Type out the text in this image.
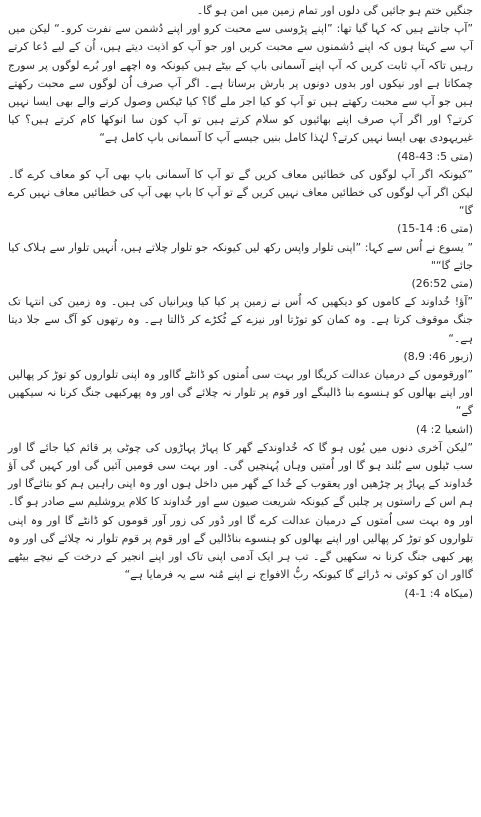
جنگیں ختم ہو جائیں گی دلوں اور تمام زمین میں امن ہو گا۔

”آپ جانتے ہیں کہ کہا گیا تھا: ”اپنے پڑوسی سے محبت کرو اور اپنے دُشمن سے نفرت کرو۔“ لیکن میں آپ سے کہتا ہوں کہ اپنے دُشمنوں سے محبت کریں اور جو آپ کو اذیت دیتے ہیں، اُن کے لیے دُعا کرتے رہیں تاکہ آپ ثابت کریں کہ آپ اپنے آسمانی باپ کے بیٹے ہیں کیونکہ وہ اچھے اور بُرے لوگوں پر سورج چمکاتا ہے اور نیکوں اور بدوں دونوں پر بارش برساتا ہے۔ اگر آپ صرف اُن لوگوں سے محبت رکھتے ہیں جو آپ سے محبت رکھتے ہیں تو آپ کو کیا اجر ملے گا؟ کیا ٹیکس وصول کرنے والے بھی ایسا نہیں کرتے؟ اور اگر آپ صرف اپنے بھائیوں کو سلام کرتے ہیں تو آپ کون سا انوکھا کام کرتے ہیں؟ کیا غیریہودی بھی ایسا نہیں کرتے؟ لہٰذا کامل بنیں جیسے آپ کا آسمانی باپ کامل ہے“

(متی 5: 43-48)

”کیونکہ اگر آپ لوگوں کی خطائیں معاف کریں گے تو آپ کا آسمانی باپ بھی آپ کو معاف کرے گا۔ لیکن اگر آپ لوگوں کی خطائیں معاف نہیں کریں گے تو آپ کا باپ بھی آپ کی خطائیں معاف نہیں کرے گا“

(متی 6: 14-15)

” یسوع نے اُس سے کہا: ”اپنی تلوار واپس رکھ لیں کیونکہ جو تلوار چلاتے ہیں، اُنہیں تلوار سے ہلاک کیا جائے گا“"

(متی 26:52)

”آؤ! خُداوند کے کاموں کو دیکھیں کہ اُس نے زمین پر کیا کیا ویرانیاں کی ہیں۔ وہ زمین کی انتہا تک جنگ موقوف کرتا ہے۔ وہ کمان کو توڑتا اور نیزے کے ٹُکڑے کر ڈالتا ہے۔ وہ رتھوں کو آگ سے جلا دیتا ہے۔“

(زبور 46: 8،9)

”اورقوموں کے درمیان عدالت کریگا اور بہت سی اُمتوں کو ڈانٹے گااور وہ اپنی تلواروں کو توڑ کر پھالیں اور اپنے بھالوں کو ہنسوے بنا ڈالیںگے اور قوم پر تلوار نہ چلائے گی اور وہ پھرکبھی جنگ کرنا نہ سیکھیں گے“

(اشعیا 2: 4)

”لیکن آخری دنوں میں یُوں ہو گا کہ خُداوندکے گھر کا پہاڑ پہاڑوں کی چوٹی پر قائم کیا جائے گا اور سب ٹیلوں سے بُلند ہو گا اور اُمتیں وہاں پُہنچیں گی۔ اور بہت سی قومیں آئیں گی اور کہیں گی آؤ خُداوند کے پہاڑ پر چڑھیں اور یعقوب کے خُدا کے گھر میں داخل ہوں اور وہ اپنی راہیں ہم کو بتائےگا اور ہم اس کے راستوں پر چلیں گے کیونکہ شریعت صیون سے اور خُداوند کا کلام یروشلیم سے صادر ہو گا۔ اور وہ بہت سی اُمتوں کے درمیان عدالت کرے گا اور دُور کی زور آور قوموں کو ڈانٹے گا اور وہ اپنی تلواروں کو توڑ کر پھالیں اور اپنے بھالوں کو ہنسوے بناڈالیں گے اور قوم پر قوم تلوار نہ چلائے گی اور وہ پھر کبھی جنگ کرنا نہ سکھیں گے۔ تب ہر ایک آدمی اپنی تاک اور اپنے انجیر کے درخت کے نیچے بیٹھے گااور ان کو کوئی نہ ڈرائے گا کیونکہ ربُّ الافواج نے اپنے مُنہ سے یہ فرمایا ہے“

(میکاہ 4: 1-4)
